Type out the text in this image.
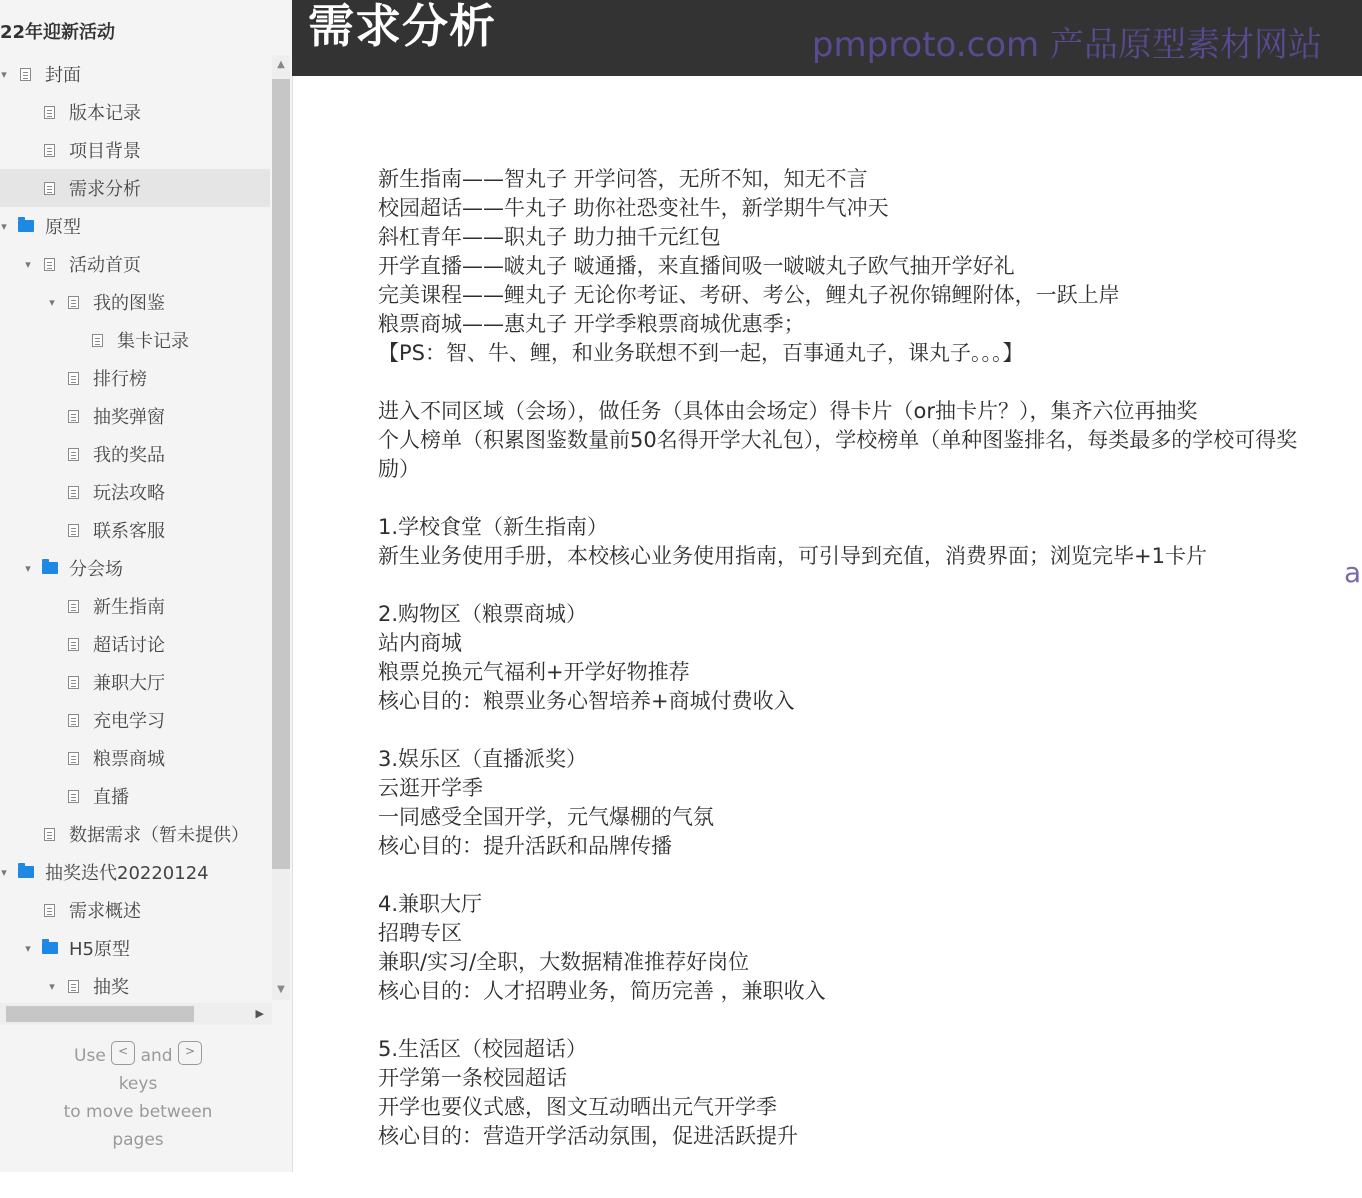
22年迎新活动
▾ 封面
版本记录
项目背景
需求分析
▾ 原型
▾ 活动首页
▾ 我的图鉴
集卡记录
排行榜
抽奖弹窗
我的奖品
玩法攻略
联系客服
▾ 分会场
新生指南
超话讨论
兼职大厅
充电学习
粮票商城
直播
数据需求（暂未提供）
▾ 抽奖迭代20220124
需求概述
▾ H5原型
▾ 抽奖
▲
▼
▶
Use < and >
keys
to move between
pages
需求分析	pmproto.com 产品原型素材网站
新生指南——智丸子 开学问答，无所不知，知无不言
校园超话——牛丸子 助你社恐变社牛，新学期牛气冲天
斜杠青年——职丸子 助力抽千元红包
开学直播——啵丸子 啵通播，来直播间吸一啵啵丸子欧气抽开学好礼
完美课程——鲤丸子 无论你考证、考研、考公，鲤丸子祝你锦鲤附体，一跃上岸
粮票商城——惠丸子 开学季粮票商城优惠季；
【PS：智、牛、鲤，和业务联想不到一起，百事通丸子，课丸子。。。】
进入不同区域（会场），做任务（具体由会场定）得卡片（or抽卡片？），集齐六位再抽奖
个人榜单（积累图鉴数量前50名得开学大礼包），学校榜单（单种图鉴排名，每类最多的学校可得奖
励）
1.学校食堂（新生指南）
新生业务使用手册，本校核心业务使用指南，可引导到充值，消费界面；浏览完毕+1卡片
2.购物区（粮票商城）
站内商城
粮票兑换元气福利+开学好物推荐
核心目的：粮票业务心智培养+商城付费收入
3.娱乐区（直播派奖）
云逛开学季
一同感受全国开学，元气爆棚的气氛
核心目的：提升活跃和品牌传播
4.兼职大厅
招聘专区
兼职/实习/全职，大数据精准推荐好岗位
核心目的：人才招聘业务，简历完善 ，兼职收入
5.生活区（校园超话）
开学第一条校园超话
开学也要仪式感，图文互动晒出元气开学季
核心目的：营造开学活动氛围，促进活跃提升
a
